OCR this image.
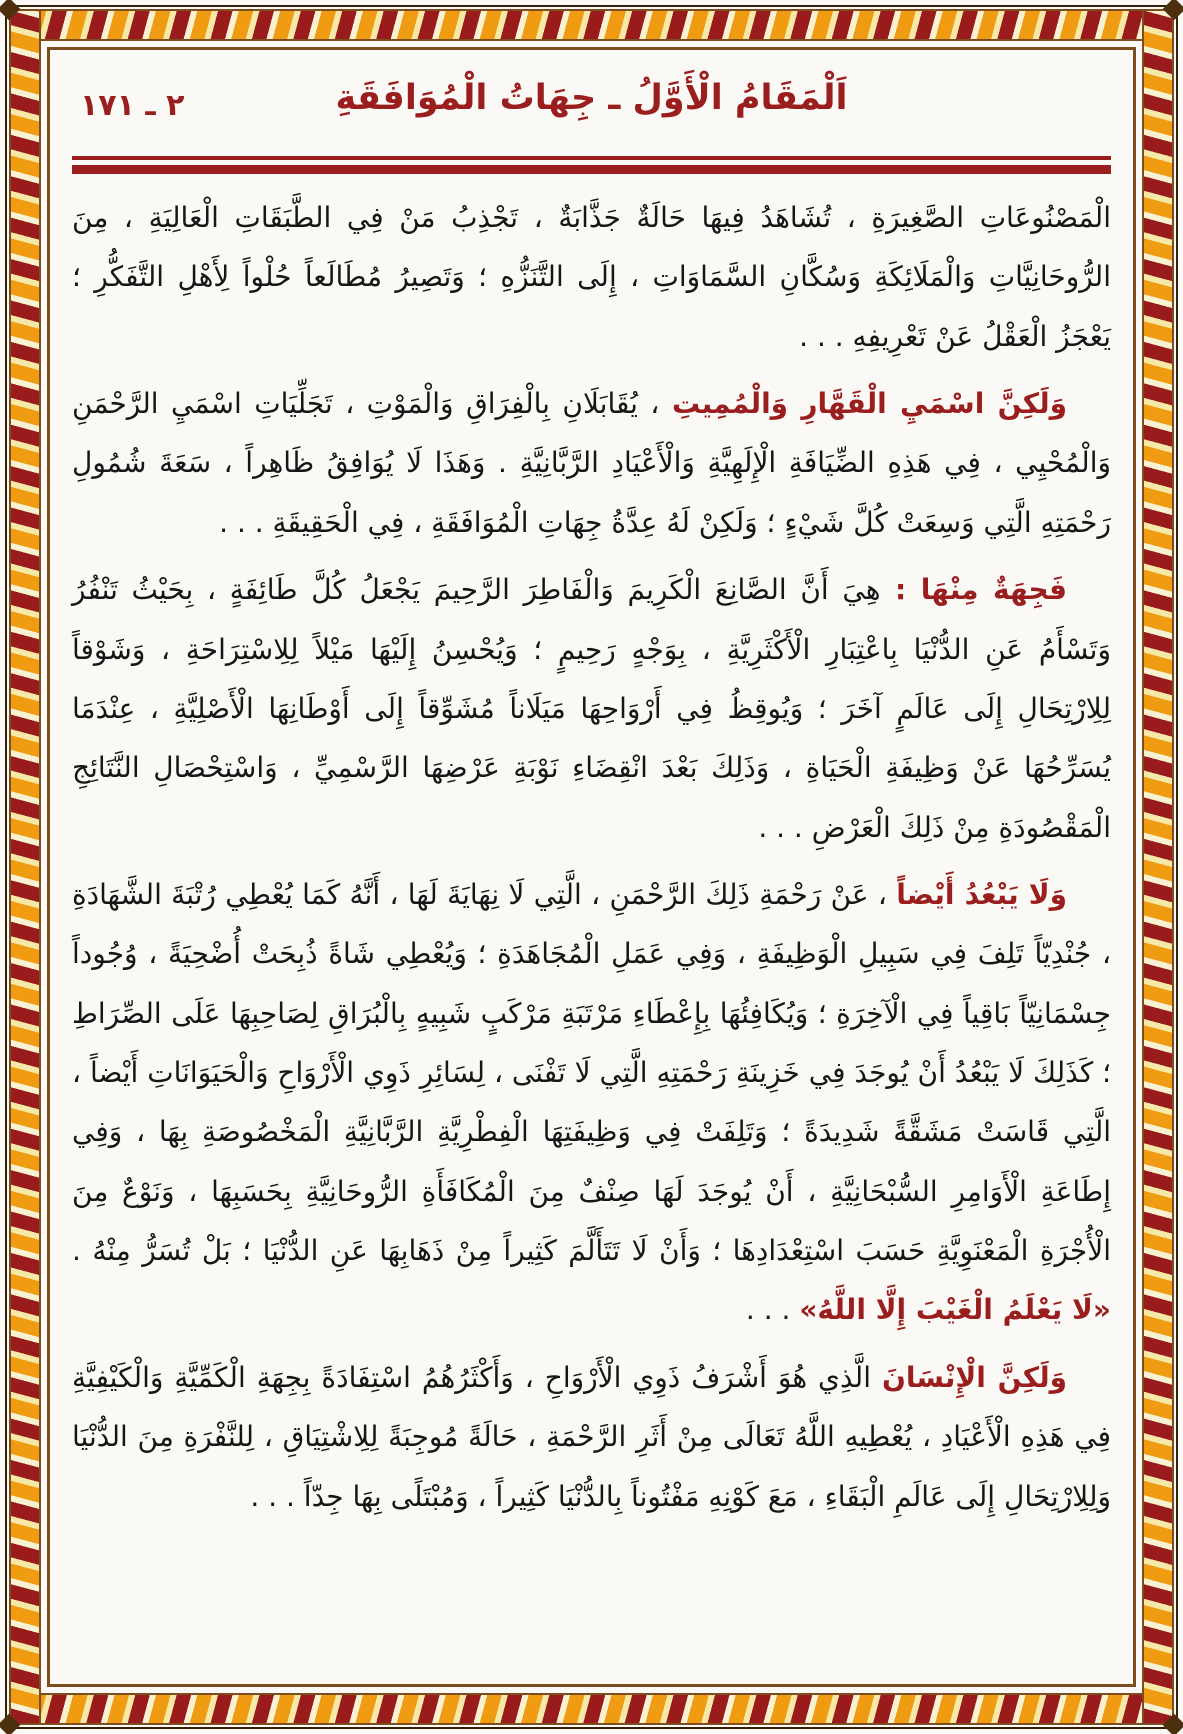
٢ ـ ١٧١	اَلْمَقَامُ الْأَوَّلُ ـ جِهَاتُ الْمُوَافَقَةِ

الْمَصْنُوعَاتِ الصَّغِيرَةِ ، تُشَاهَدُ فِيهَا حَالَةٌ جَذَّابَةٌ ، تَجْذِبُ مَنْ فِي الطَّبَقَاتِ الْعَالِيَةِ ، مِنَ الرُّوحَانِيَّاتِ وَالْمَلَائِكَةِ وَسُكَّانِ السَّمَاوَاتِ ، إِلَى التَّنَزُّهِ ؛ وَتَصِيرُ مُطَالَعاً حُلْواً لِأَهْلِ التَّفَكُّرِ ؛ يَعْجَزُ الْعَقْلُ عَنْ تَعْرِيفِهِ . . .

وَلَكِنَّ اسْمَيِ الْقَهَّارِ وَالْمُمِيتِ ، يُقَابَلَانِ بِالْفِرَاقِ وَالْمَوْتِ ، تَجَلِّيَاتِ اسْمَيِ الرَّحْمَنِ وَالْمُحْيِي ، فِي هَذِهِ الضِّيَافَةِ الْإِلَهِيَّةِ وَالْأَعْيَادِ الرَّبَّانِيَّةِ . وَهَذَا لَا يُوَافِقُ ظَاهِراً ، سَعَةَ شُمُولِ رَحْمَتِهِ الَّتِي وَسِعَتْ كُلَّ شَيْءٍ ؛ وَلَكِنْ لَهُ عِدَّةُ جِهَاتِ الْمُوَافَقَةِ ، فِي الْحَقِيقَةِ . . .

فَجِهَةٌ مِنْهَا : هِيَ أَنَّ الصَّانِعَ الْكَرِيمَ وَالْفَاطِرَ الرَّحِيمَ يَجْعَلُ كُلَّ طَائِفَةٍ ، بِحَيْثُ تَنْفُرُ وَتَسْأَمُ عَنِ الدُّنْيَا بِاعْتِبَارِ الْأَكْثَرِيَّةِ ، بِوَجْهٍ رَحِيمٍ ؛ وَيُحْسِنُ إِلَيْهَا مَيْلاً لِلِاسْتِرَاحَةِ ، وَشَوْقاً لِلِارْتِحَالِ إِلَى عَالَمٍ آخَرَ ؛ وَيُوقِظُ فِي أَرْوَاحِهَا مَيَلَاناً مُشَوِّقاً إِلَى أَوْطَانِهَا الْأَصْلِيَّةِ ، عِنْدَمَا يُسَرِّحُهَا عَنْ وَظِيفَةِ الْحَيَاةِ ، وَذَلِكَ بَعْدَ انْقِضَاءِ نَوْبَةِ عَرْضِهَا الرَّسْمِيِّ ، وَاسْتِحْصَالِ النَّتَائِجِ الْمَقْصُودَةِ مِنْ ذَلِكَ الْعَرْضِ . . .

وَلَا يَبْعُدُ أَيْضاً ، عَنْ رَحْمَةِ ذَلِكَ الرَّحْمَنِ ، الَّتِي لَا نِهَايَةَ لَهَا ، أَنَّهُ كَمَا يُعْطِي رُتْبَةَ الشَّهَادَةِ ، جُنْدِيّاً تَلِفَ فِي سَبِيلِ الْوَظِيفَةِ ، وَفِي عَمَلِ الْمُجَاهَدَةِ ؛ وَيُعْطِي شَاةً ذُبِحَتْ أُضْحِيَةً ، وُجُوداً جِسْمَانِيّاً بَاقِياً فِي الْآخِرَةِ ؛ وَيُكَافِئُهَا بِإِعْطَاءِ مَرْتَبَةِ مَرْكَبٍ شَبِيهٍ بِالْبُرَاقِ لِصَاحِبِهَا عَلَى الصِّرَاطِ ؛ كَذَلِكَ لَا يَبْعُدُ أَنْ يُوجَدَ فِي خَزِينَةِ رَحْمَتِهِ الَّتِي لَا تَفْنَى ، لِسَائِرِ ذَوِي الْأَرْوَاحِ وَالْحَيَوَانَاتِ أَيْضاً ، الَّتِي قَاسَتْ مَشَقَّةً شَدِيدَةً ؛ وَتَلِفَتْ فِي وَظِيفَتِهَا الْفِطْرِيَّةِ الرَّبَّانِيَّةِ الْمَخْصُوصَةِ بِهَا ، وَفِي إِطَاعَةِ الْأَوَامِرِ السُّبْحَانِيَّةِ ، أَنْ يُوجَدَ لَهَا صِنْفٌ مِنَ الْمُكَافَأَةِ الرُّوحَانِيَّةِ بِحَسَبِهَا ، وَنَوْعٌ مِنَ الْأُجْرَةِ الْمَعْنَوِيَّةِ حَسَبَ اسْتِعْدَادِهَا ؛ وَأَنْ لَا تَتَأَلَّمَ كَثِيراً مِنْ ذَهَابِهَا عَنِ الدُّنْيَا ؛ بَلْ تُسَرُّ مِنْهُ . «لَا يَعْلَمُ الْغَيْبَ إِلَّا اللَّهُ» . . .

وَلَكِنَّ الْإِنْسَانَ الَّذِي هُوَ أَشْرَفُ ذَوِي الْأَرْوَاحِ ، وَأَكْثَرُهُمُ اسْتِفَادَةً بِجِهَةِ الْكَمِّيَّةِ وَالْكَيْفِيَّةِ فِي هَذِهِ الْأَعْيَادِ ، يُعْطِيهِ اللَّهُ تَعَالَى مِنْ أَثَرِ الرَّحْمَةِ ، حَالَةً مُوجِبَةً لِلِاشْتِيَاقِ ، لِلنَّفْرَةِ مِنَ الدُّنْيَا وَلِلِارْتِحَالِ إِلَى عَالَمِ الْبَقَاءِ ، مَعَ كَوْنِهِ مَفْتُوناً بِالدُّنْيَا كَثِيراً ، وَمُبْتَلًى بِهَا جِدّاً . . .
